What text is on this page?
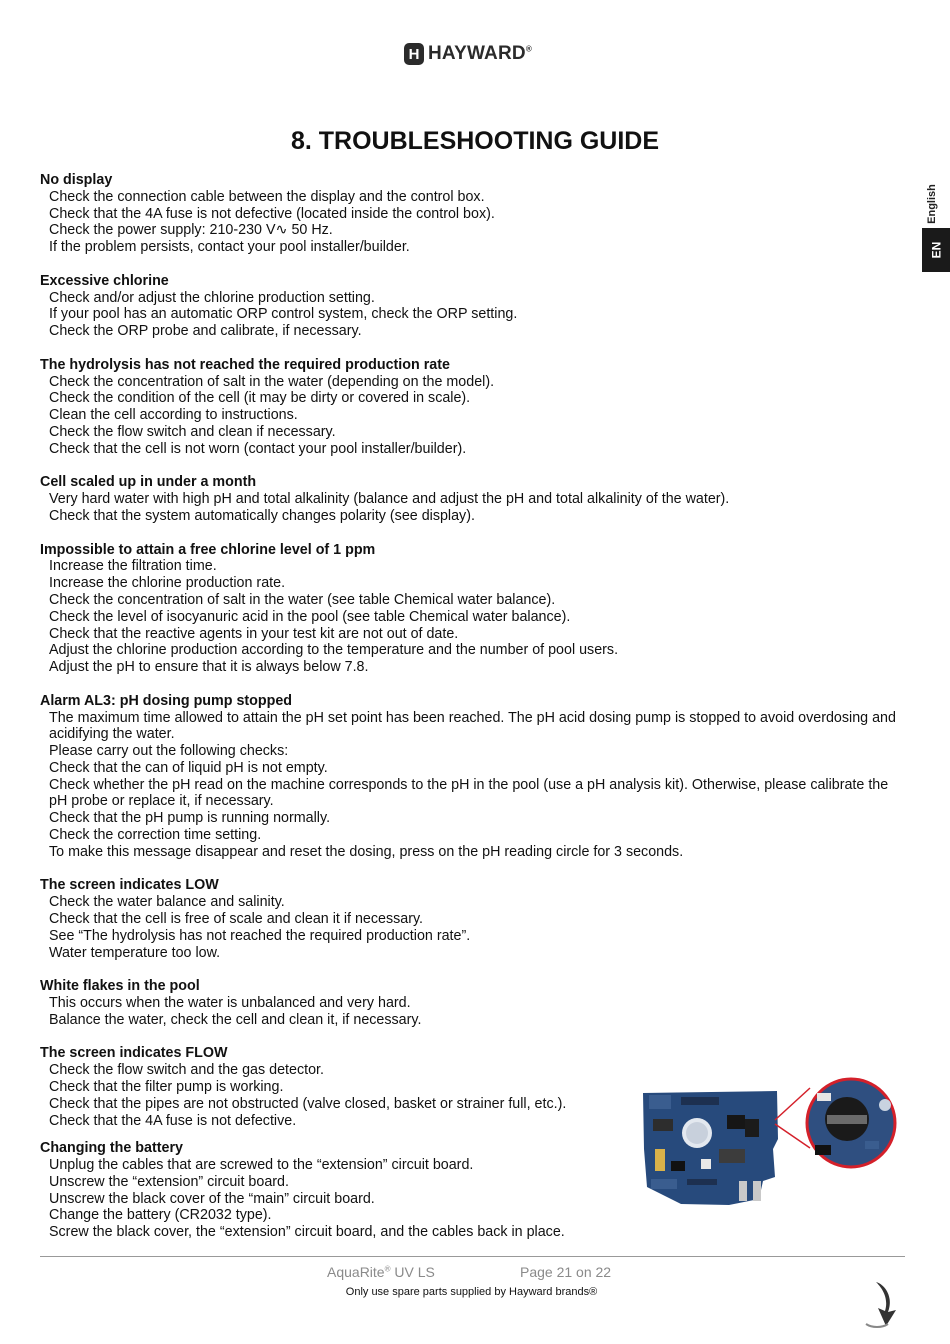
H HAYWARD®
8. TROUBLESHOOTING GUIDE
English
EN
No display
Check the connection cable between the display and the control box.
Check that the 4A fuse is not defective (located inside the control box).
Check the power supply: 210-230 V∿ 50 Hz.
If the problem persists, contact your pool installer/builder.
Excessive chlorine
Check and/or adjust the chlorine production setting.
If your pool has an automatic ORP control system, check the ORP setting.
Check the ORP probe and calibrate, if necessary.
The hydrolysis has not reached the required production rate
Check the concentration of salt in the water (depending on the model).
Check the condition of the cell (it may be dirty or covered in scale).
Clean the cell according to instructions.
Check the flow switch and clean if necessary.
Check that the cell is not worn (contact your pool installer/builder).
Cell scaled up in under a month
Very hard water with high pH and total alkalinity (balance and adjust the pH and total alkalinity of the water).
Check that the system automatically changes polarity (see display).
Impossible to attain a free chlorine level of 1 ppm
Increase the filtration time.
Increase the chlorine production rate.
Check the concentration of salt in the water (see table Chemical water balance).
Check the level of isocyanuric acid in the pool (see table Chemical water balance).
Check that the reactive agents in your test kit are not out of date.
Adjust the chlorine production according to the temperature and the number of pool users.
Adjust the pH to ensure that it is always below 7.8.
Alarm AL3: pH dosing pump stopped
The maximum time allowed to attain the pH set point has been reached. The pH acid dosing pump is stopped to avoid overdosing and acidifying the water.
Please carry out the following checks:
Check that the can of liquid pH is not empty.
Check whether the pH read on the machine corresponds to the pH in the pool (use a pH analysis kit). Otherwise, please calibrate the pH probe or replace it, if necessary.
Check that the pH pump is running normally.
Check the correction time setting.
To make this message disappear and reset the dosing, press on the pH reading circle for 3 seconds.
The screen indicates LOW
Check the water balance and salinity.
Check that the cell is free of scale and clean it if necessary.
See “The hydrolysis has not reached the required production rate”.
Water temperature too low.
White flakes in the pool
This occurs when the water is unbalanced and very hard.
Balance the water, check the cell and clean it, if necessary.
The screen indicates FLOW
Check the flow switch and the gas detector.
Check that the filter pump is working.
Check that the pipes are not obstructed (valve closed, basket or strainer full, etc.).
Check that the 4A fuse is not defective.
Changing the battery
Unplug the cables that are screwed to the “extension” circuit board.
Unscrew the “extension” circuit board.
Unscrew the black cover of the “main” circuit board.
Change the battery (CR2032 type).
Screw the black cover, the “extension” circuit board, and the cables back in place.
AquaRite® UV LS	Page 21 on 22
Only use spare parts supplied by Hayward brands®
